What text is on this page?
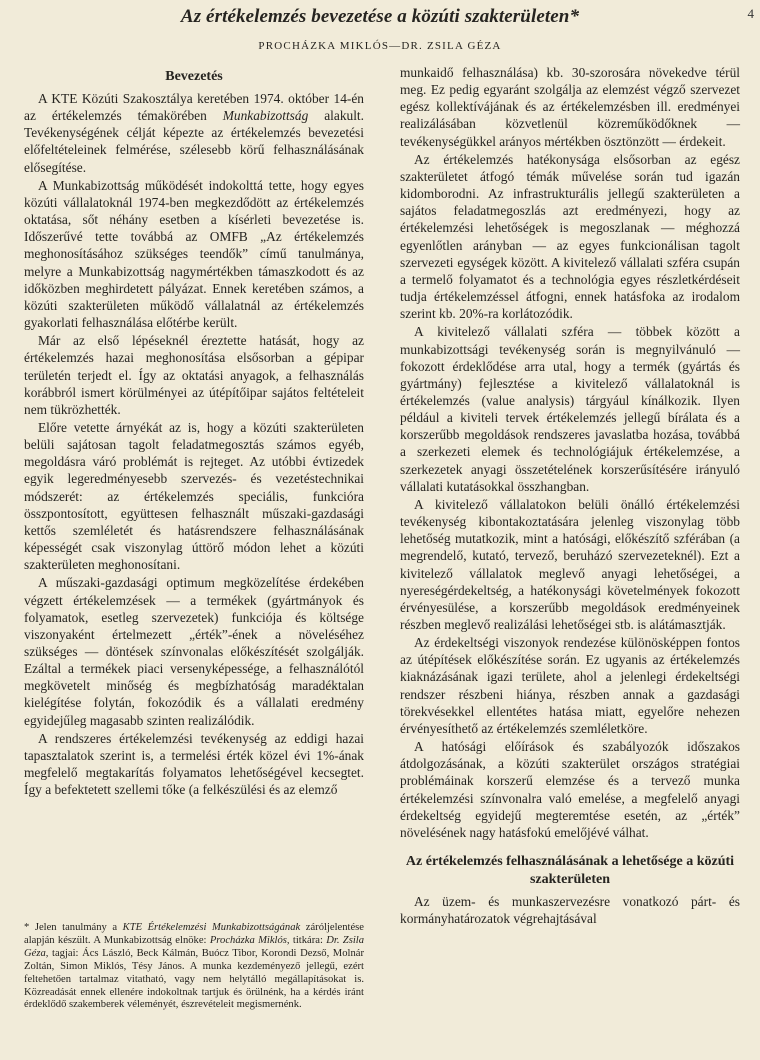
4
Az értékelemzés bevezetése a közúti szakterületen*
PROCHÁZKA MIKLÓS—DR. ZSILA GÉZA
Bevezetés

A KTE Közúti Szakosztálya keretében 1974. október 14-én az értékelemzés témakörében Munkabizottság alakult. Tevékenységének célját képezte az értékelemzés bevezetési előfeltételeinek felmérése, szélesebb körű felhasználásának elősegítése.

A Munkabizottság működését indokolttá tette, hogy egyes közúti vállalatoknál 1974-ben megkezdődött az értékelemzés oktatása, sőt néhány esetben a kísérleti bevezetése is. Időszerűvé tette továbbá az OMFB „Az értékelemzés meghonosításához szükséges teendők” című tanulmánya, melyre a Munkabizottság nagymértékben támaszkodott és az időközben meghirdetett pályázat. Ennek keretében számos, a közúti szakterületen működő vállalatnál az értékelemzés gyakorlati felhasználása előtérbe került.

Már az első lépéseknél éreztette hatását, hogy az értékelemzés hazai meghonosítása elsősorban a gépipar területén terjedt el. Így az oktatási anyagok, a felhasználás korábbról ismert körülményei az útépítőipar sajátos feltételeit nem tükrözhették.

Előre vetette árnyékát az is, hogy a közúti szakterületen belüli sajátosan tagolt feladatmegosztás számos egyéb, megoldásra váró problémát is rejteget. Az utóbbi évtizedek egyik legeredményesebb szervezés- és vezetéstechnikai módszerét: az értékelemzés speciális, funkcióra összpontosított, együttesen felhasznált műszaki-gazdasági kettős szemléletét és hatásrendszere felhasználásának képességét csak viszonylag úttörő módon lehet a közúti szakterületen meghonosítani.

A műszaki-gazdasági optimum megközelítése érdekében végzett értékelemzések — a termékek (gyártmányok és folyamatok, esetleg szervezetek) funkciója és költsége viszonyaként értelmezett „érték”-ének a növeléséhez szükséges — döntések színvonalas előkészítését szolgálják. Ezáltal a termékek piaci versenyképessége, a felhasználótól megkövetelt minőség és megbízhatóság maradéktalan kielégítése folytán, fokozódik és a vállalati eredmény egyidejűleg magasabb szinten realizálódik.

A rendszeres értékelemzési tevékenység az eddigi hazai tapasztalatok szerint is, a termelési érték közel évi 1%-ának megfelelő megtakarítás folyamatos lehetőségével kecsegtet. Így a befektetett szellemi tőke (a felkészülési és az elemző

* Jelen tanulmány a KTE Értékelemzési Munkabizottságának záróljelentése alapján készült. A Munkabizottság elnöke: Procházka Miklós, titkára: Dr. Zsila Géza, tagjai: Ács László, Beck Kálmán, Buócz Tibor, Korondi Dezső, Molnár Zoltán, Simon Miklós, Tésy János. A munka kezdeményező jellegű, ezért feltehetően tartalmaz vitatható, vagy nem helytálló megállapításokat is. Közreadását ennek ellenére indokoltnak tartjuk és örülnénk, ha a kérdés iránt érdeklődő szakemberek véleményét, észrevételeit megismernénk.

munkaidő felhasználása) kb. 30-szorosára növekedve térül meg. Ez pedig egyaránt szolgálja az elemzést végző szervezet egész kollektívájának és az értékelemzésben ill. eredményei realizálásában közvetlenül közreműködőknek — tevékenységükkel arányos mértékben ösztönzött — érdekeit.

Az értékelemzés hatékonysága elsősorban az egész szakterületet átfogó témák művelése során tud igazán kidomborodni. Az infrastrukturális jellegű szakterületen a sajátos feladatmegoszlás azt eredményezi, hogy az értékelemzési lehetőségek is megoszlanak — méghozzá egyenlőtlen arányban — az egyes funkcionálisan tagolt szervezeti egységek között. A kivitelező vállalati szféra csupán a termelő folyamatot és a technológia egyes részletkérdéseit tudja értékelemzéssel átfogni, ennek hatásfoka az irodalom szerint kb. 20%-ra korlátozódik.

A kivitelező vállalati szféra — többek között a munkabizottsági tevékenység során is megnyilvánuló — fokozott érdeklődése arra utal, hogy a termék (gyártás és gyártmány) fejlesztése a kivitelező vállalatoknál is értékelemzés (value analysis) tárgyául kínálkozik. Ilyen például a kiviteli tervek értékelemzés jellegű bírálata és a korszerűbb megoldások rendszeres javaslatba hozása, továbbá a szerkezeti elemek és technológiájuk értékelemzése, a szerkezetek anyagi összetételének korszerűsítésére irányuló vállalati kutatásokkal összhangban.

A kivitelező vállalatokon belüli önálló értékelemzési tevékenység kibontakoztatására jelenleg viszonylag több lehetőség mutatkozik, mint a hatósági, előkészítő szférában (a megrendelő, kutató, tervező, beruházó szervezeteknél). Ezt a kivitelező vállalatok meglevő anyagi lehetőségei, a nyereségérdekeltség, a hatékonysági követelmények fokozott érvényesülése, a korszerűbb megoldások eredményeinek részben meglevő realizálási lehetőségei stb. is alátámasztják.

Az érdekeltségi viszonyok rendezése különösképpen fontos az útépítések előkészítése során. Ez ugyanis az értékelemzés kiaknázásának igazi területe, ahol a jelenlegi érdekeltségi rendszer részbeni hiánya, részben annak a gazdasági törekvésekkel ellentétes hatása miatt, egyelőre nehezen érvényesíthető az értékelemzés szemléletköre.

A hatósági előírások és szabályozók időszakos átdolgozásának, a közúti szakterület országos stratégiai problémáinak korszerű elemzése és a tervező munka értékelemzési színvonalra való emelése, a megfelelő anyagi érdekeltség egyidejű megteremtése esetén, az „érték” növelésének nagy hatásfokú emelőjévé válhat.

Az értékelemzés felhasználásának a lehetősége a közúti szakterületen

Az üzem- és munkaszervezésre vonatkozó párt- és kormányhatározatok végrehajtásával
